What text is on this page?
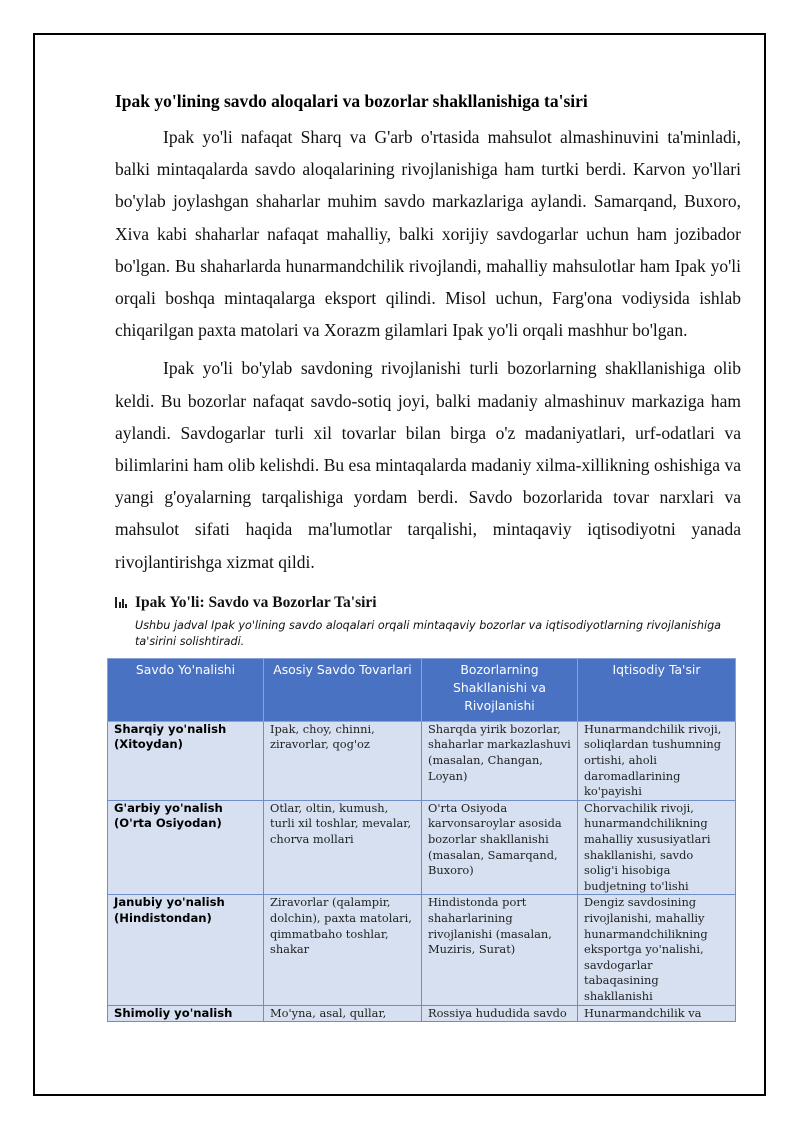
Ipak yo'lining savdo aloqalari va bozorlar shakllanishiga ta'siri

Ipak yo'li nafaqat Sharq va G'arb o'rtasida mahsulot almashinuvini ta'minladi, balki mintaqalarda savdo aloqalarining rivojlanishiga ham turtki berdi. Karvon yo'llari bo'ylab joylashgan shaharlar muhim savdo markazlariga aylandi. Samarqand, Buxoro, Xiva kabi shaharlar nafaqat mahalliy, balki xorijiy savdogarlar uchun ham jozibador bo'lgan. Bu shaharlarda hunarmandchilik rivojlandi, mahalliy mahsulotlar ham Ipak yo'li orqali boshqa mintaqalarga eksport qilindi. Misol uchun, Farg'ona vodiysida ishlab chiqarilgan paxta matolari va Xorazm gilamlari Ipak yo'li orqali mashhur bo'lgan.

Ipak yo'li bo'ylab savdoning rivojlanishi turli bozorlarning shakllanishiga olib keldi. Bu bozorlar nafaqat savdo-sotiq joyi, balki madaniy almashinuv markaziga ham aylandi. Savdogarlar turli xil tovarlar bilan birga o'z madaniyatlari, urf-odatlari va bilimlarini ham olib kelishdi. Bu esa mintaqalarda madaniy xilma-xillikning oshishiga va yangi g'oyalarning tarqalishiga yordam berdi. Savdo bozorlarida tovar narxlari va mahsulot sifati haqida ma'lumotlar tarqalishi, mintaqaviy iqtisodiyotni yanada rivojlantirishga xizmat qildi.

Ipak Yo'li: Savdo va Bozorlar Ta'siri
Ushbu jadval Ipak yo'lining savdo aloqalari orqali mintaqaviy bozorlar va iqtisodiyotlarning rivojlanishiga ta'sirini solishtiradi.
Savdo Yo'nalishi	Asosiy Savdo Tovarlari	Bozorlarning Shakllanishi va Rivojlanishi	Iqtisodiy Ta'sir
Sharqiy yo'nalish (Xitoydan)	Ipak, choy, chinni, ziravorlar, qog'oz	Sharqda yirik bozorlar, shaharlar markazlashuvi (masalan, Changan, Loyan)	Hunarmandchilik rivoji, soliqlardan tushumning ortishi, aholi daromadlarining ko'payishi
G'arbiy yo'nalish (O'rta Osiyodan)	Otlar, oltin, kumush, turli xil toshlar, mevalar, chorva mollari	O'rta Osiyoda karvonsaroylar asosida bozorlar shakllanishi (masalan, Samarqand, Buxoro)	Chorvachilik rivoji, hunarmandchilikning mahalliy xususiyatlari shakllanishi, savdo solig'i hisobiga budjetning to'lishi
Janubiy yo'nalish (Hindistondan)	Ziravorlar (qalampir, dolchin), paxta matolari, qimmatbaho toshlar, shakar	Hindistonda port shaharlarining rivojlanishi (masalan, Muziris, Surat)	Dengiz savdosining rivojlanishi, mahalliy hunarmandchilikning eksportga yo'nalishi, savdogarlar tabaqasining shakllanishi
Shimoliy yo'nalish	Mo'yna, asal, qullar,	Rossiya hududida savdo	Hunarmandchilik va
